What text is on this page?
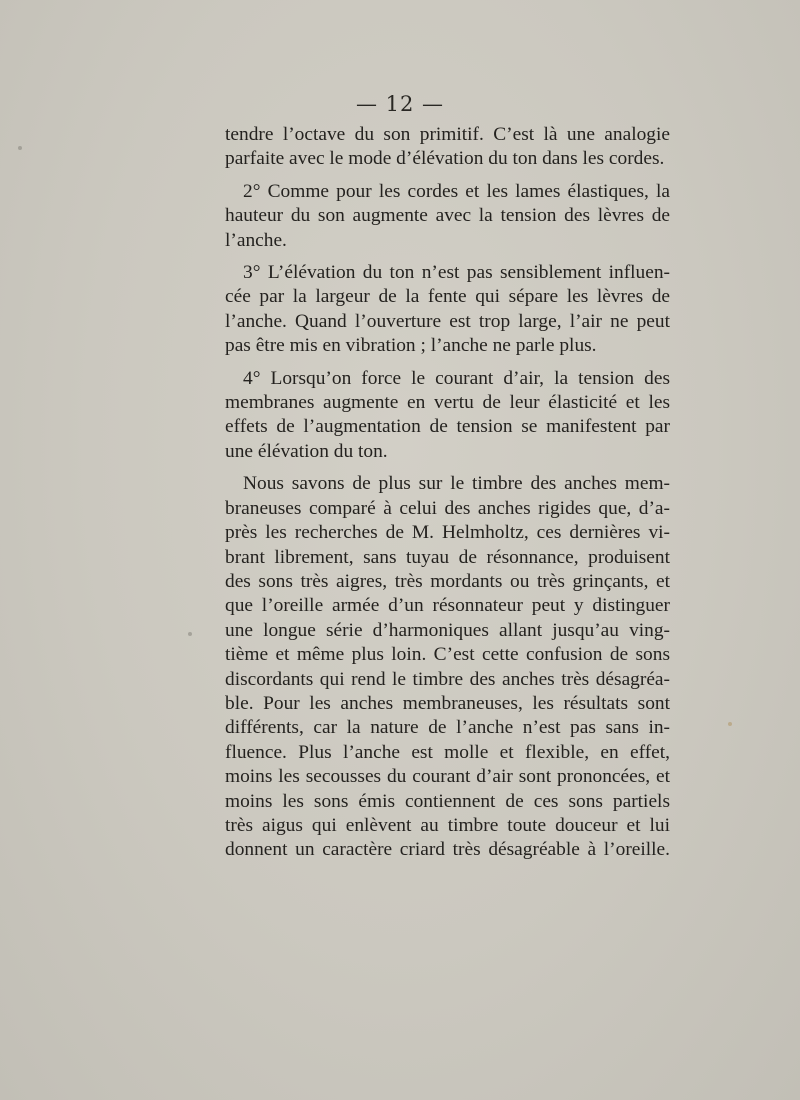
— 12 —
tendre l’octave du son primitif. C’est là une analogie
parfaite avec le mode d’élévation du ton dans les cordes.
2° Comme pour les cordes et les lames élastiques, la
hauteur du son augmente avec la tension des lèvres de
l’anche.
3° L’élévation du ton n’est pas sensiblement influen-
cée par la largeur de la fente qui sépare les lèvres de
l’anche. Quand l’ouverture est trop large, l’air ne peut
pas être mis en vibration ; l’anche ne parle plus.
4° Lorsqu’on force le courant d’air, la tension des
membranes augmente en vertu de leur élasticité et les
effets de l’augmentation de tension se manifestent par
une élévation du ton.
Nous savons de plus sur le timbre des anches mem-
braneuses comparé à celui des anches rigides que, d’a-
près les recherches de M. Helmholtz, ces dernières vi-
brant librement, sans tuyau de résonnance, produisent
des sons très aigres, très mordants ou très grinçants, et
que l’oreille armée d’un résonnateur peut y distinguer
une longue série d’harmoniques allant jusqu’au ving-
tième et même plus loin. C’est cette confusion de sons
discordants qui rend le timbre des anches très désagréa-
ble. Pour les anches membraneuses, les résultats sont
différents, car la nature de l’anche n’est pas sans in-
fluence. Plus l’anche est molle et flexible, en effet,
moins les secousses du courant d’air sont prononcées, et
moins les sons émis contiennent de ces sons partiels
très aigus qui enlèvent au timbre toute douceur et lui
donnent un caractère criard très désagréable à l’oreille.
